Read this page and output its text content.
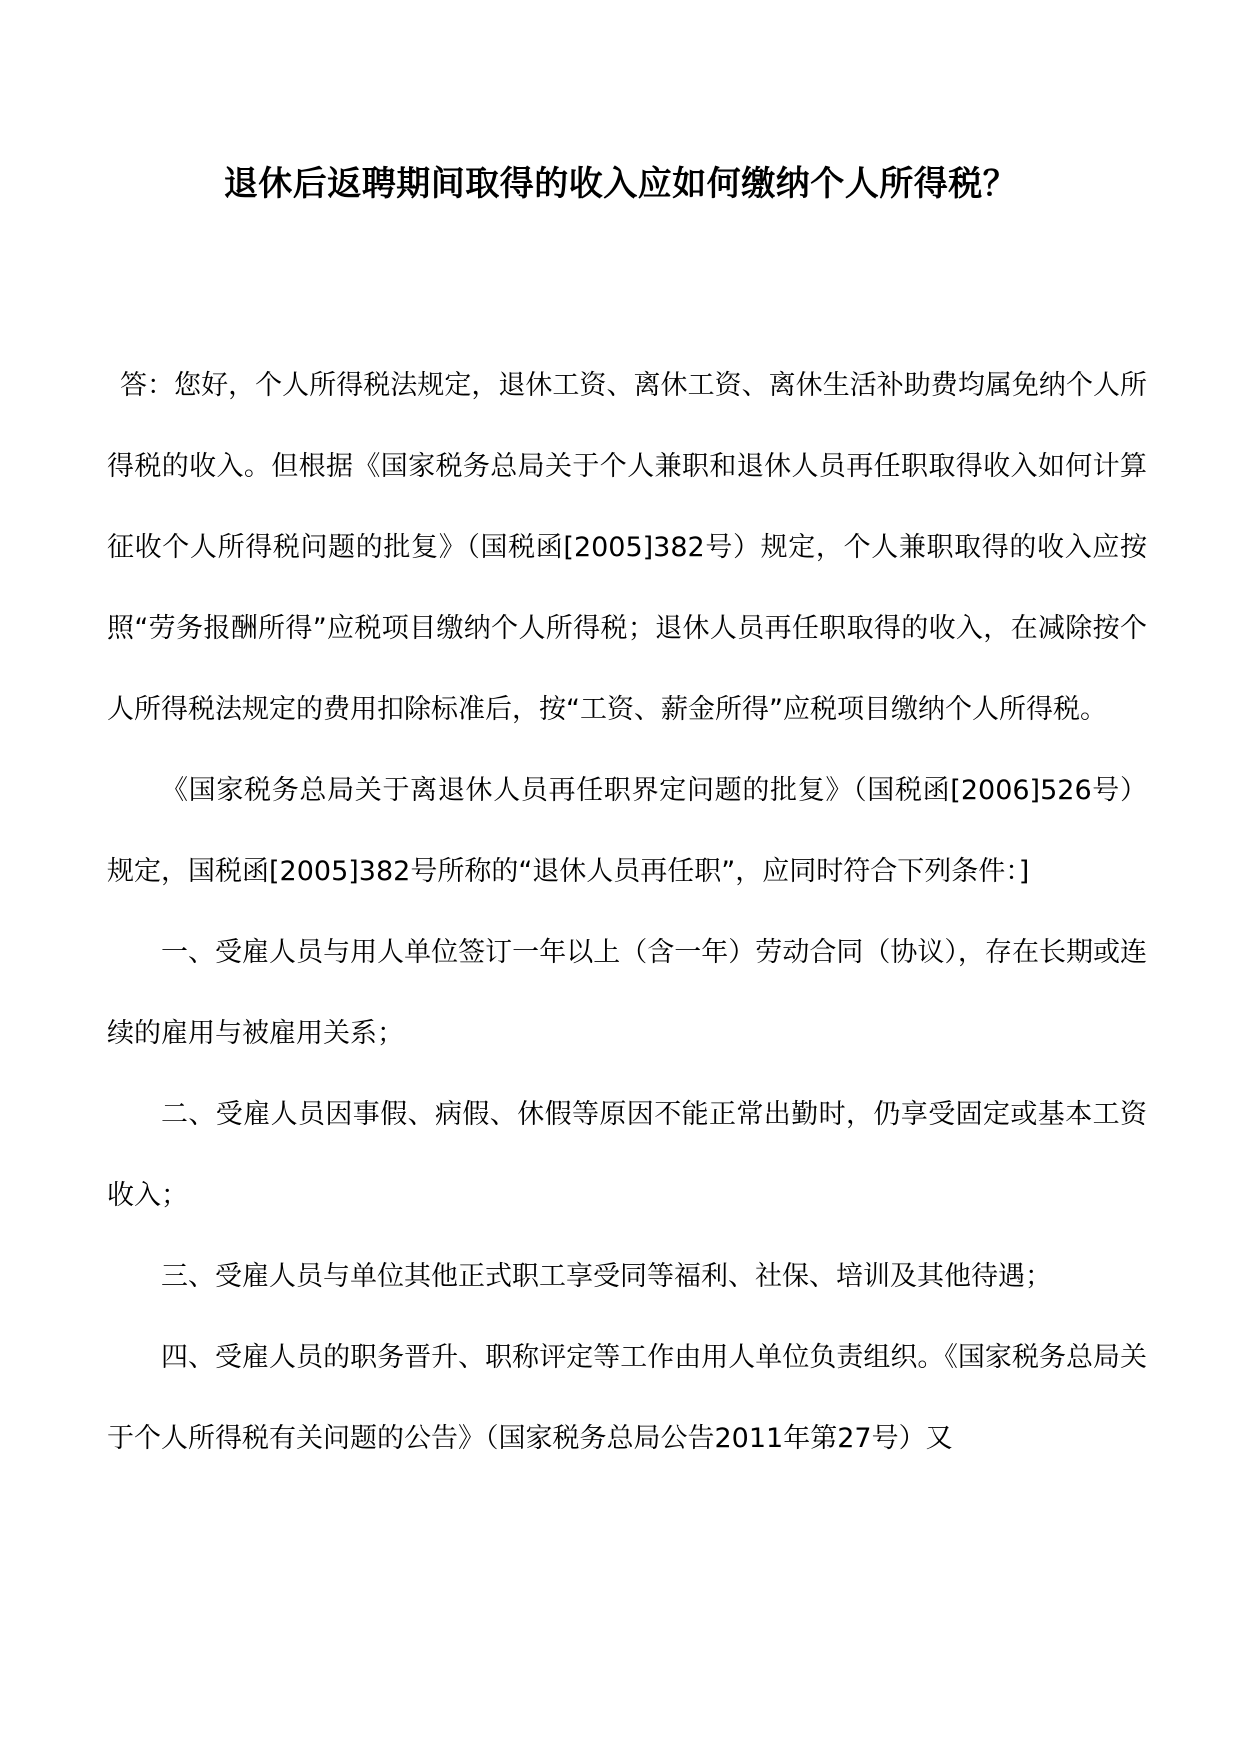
退休后返聘期间取得的收入应如何缴纳个人所得税？

答：您好，个人所得税法规定，退休工资、离休工资、离休生活补助费均属免纳个人所得税的收入。但根据《国家税务总局关于个人兼职和退休人员再任职取得收入如何计算征收个人所得税问题的批复》（国税函[2005]382号）规定，个人兼职取得的收入应按照“劳务报酬所得”应税项目缴纳个人所得税；退休人员再任职取得的收入，在减除按个人所得税法规定的费用扣除标准后，按“工资、薪金所得”应税项目缴纳个人所得税。

《国家税务总局关于离退休人员再任职界定问题的批复》（国税函[2006]526号）规定，国税函[2005]382号所称的“退休人员再任职”，应同时符合下列条件：]

一、受雇人员与用人单位签订一年以上（含一年）劳动合同（协议），存在长期或连续的雇用与被雇用关系；

二、受雇人员因事假、病假、休假等原因不能正常出勤时，仍享受固定或基本工资收入；

三、受雇人员与单位其他正式职工享受同等福利、社保、培训及其他待遇；

四、受雇人员的职务晋升、职称评定等工作由用人单位负责组织。《国家税务总局关于个人所得税有关问题的公告》（国家税务总局公告2011年第27号）又
